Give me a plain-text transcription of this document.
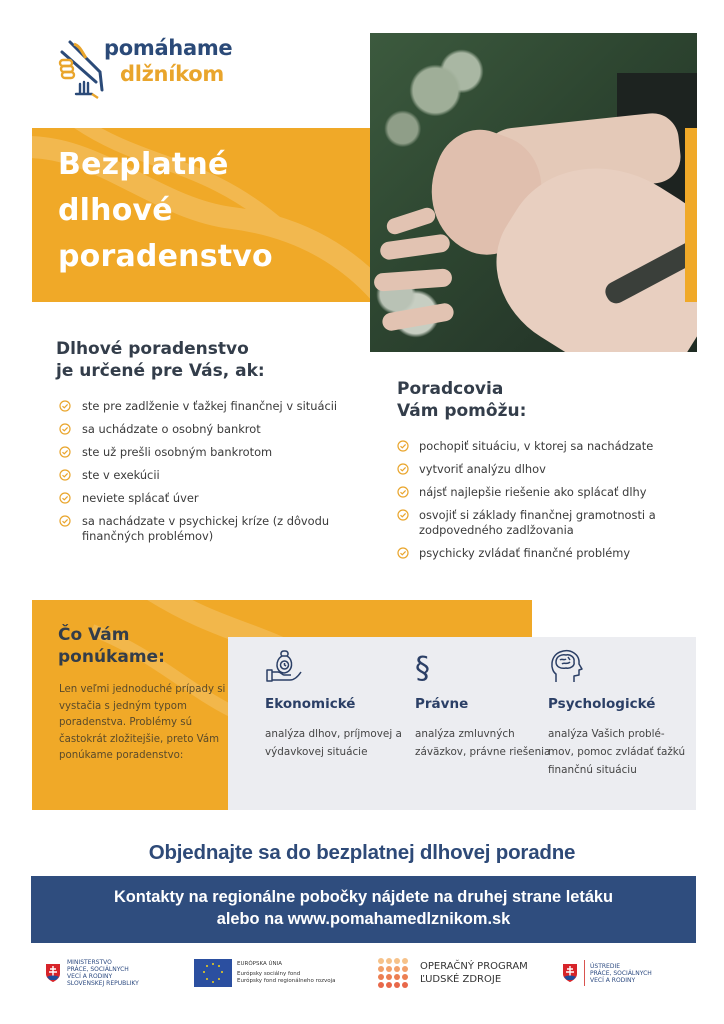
pomáhame
dlžníkom
Bezplatné
dlhové
poradenstvo
Dlhové poradenstvo
je určené pre Vás, ak:
ste pre zadlženie v ťažkej finančnej v situácii
sa uchádzate o osobný bankrot
ste už prešli osobným bankrotom
ste v exekúcii
neviete splácať úver
sa nachádzate v psychickej kríze (z dôvodu finančných problémov)
Poradcovia
Vám pomôžu:
pochopiť situáciu, v ktorej sa nachádzate
vytvoriť analýzu dlhov
nájsť najlepšie riešenie ako splácať dlhy
osvojiť si základy finančnej gramotnosti a zodpovedného zadlžovania
psychicky zvládať finančné problémy
Čo Vám
ponúkame:
Len veľmi jednoduché prípady si vystačia s jedným typom poradenstva. Problémy sú častokrát zložitejšie, preto Vám ponúkame poradenstvo:
Ekonomické
analýza dlhov, príjmovej a výdavkovej situácie
§
Právne
analýza zmluvných záväzkov, právne riešenia
Psychologické
analýza Vašich problé-mov, pomoc zvládať ťažkú finančnú situáciu
Objednajte sa do bezplatnej dlhovej poradne
Kontakty na regionálne pobočky nájdete na druhej strane letáku
alebo na www.pomahamedlznikom.sk
MINISTERSTVO
PRÁCE, SOCIÁLNYCH
VECÍ A RODINY
SLOVENSKEJ REPUBLIKY
EURÓPSKA ÚNIA
Európsky sociálny fond
Európsky fond regionálneho rozvoja
OPERAČNÝ PROGRAM
ĽUDSKÉ ZDROJE
ÚSTREDIE
PRÁCE, SOCIÁLNYCH
VECÍ A RODINY
